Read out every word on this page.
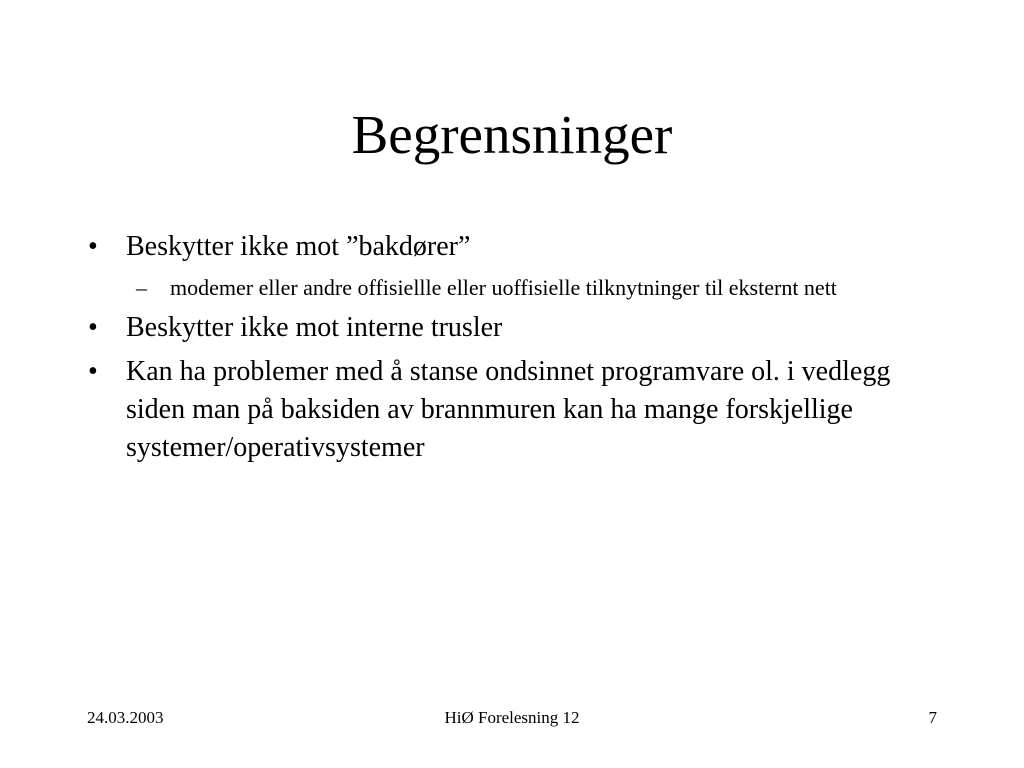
Begrensninger
•	Beskytter ikke mot ”bakdører”
– modemer eller andre offisiellle eller uoffisielle tilknytninger til eksternt nett
•	Beskytter ikke mot interne trusler
•	Kan ha problemer med å stanse ondsinnet programvare ol. i vedlegg siden man på baksiden av brannmuren kan ha mange forskjellige systemer/operativsystemer
24.03.2003	HiØ Forelesning 12	7
